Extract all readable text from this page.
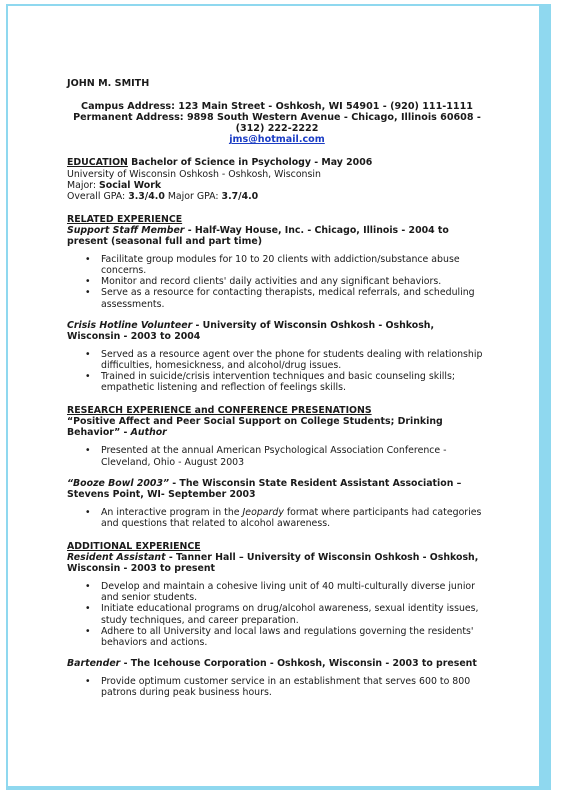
JOHN M. SMITH
Campus Address: 123 Main Street - Oshkosh, WI 54901 - (920) 111-1111
Permanent Address: 9898 South Western Avenue - Chicago, Illinois 60608 - (312) 222-2222
jms@hotmail.com
EDUCATION Bachelor of Science in Psychology - May 2006
University of Wisconsin Oshkosh - Oshkosh, Wisconsin
Major: Social Work
Overall GPA: 3.3/4.0 Major GPA: 3.7/4.0
RELATED EXPERIENCE
Support Staff Member - Half-Way House, Inc. - Chicago, Illinois - 2004 to present (seasonal full and part time)
• Facilitate group modules for 10 to 20 clients with addiction/substance abuse concerns.
• Monitor and record clients' daily activities and any significant behaviors.
• Serve as a resource for contacting therapists, medical referrals, and scheduling assessments.
Crisis Hotline Volunteer - University of Wisconsin Oshkosh - Oshkosh, Wisconsin - 2003 to 2004
• Served as a resource agent over the phone for students dealing with relationship difficulties, homesickness, and alcohol/drug issues.
• Trained in suicide/crisis intervention techniques and basic counseling skills; empathetic listening and reflection of feelings skills.
RESEARCH EXPERIENCE and CONFERENCE PRESENATIONS
“Positive Affect and Peer Social Support on College Students; Drinking Behavior” - Author
• Presented at the annual American Psychological Association Conference - Cleveland, Ohio - August 2003
“Booze Bowl 2003” - The Wisconsin State Resident Assistant Association – Stevens Point, WI- September 2003
• An interactive program in the Jeopardy format where participants had categories and questions that related to alcohol awareness.
ADDITIONAL EXPERIENCE
Resident Assistant - Tanner Hall – University of Wisconsin Oshkosh - Oshkosh, Wisconsin - 2003 to present
• Develop and maintain a cohesive living unit of 40 multi-culturally diverse junior and senior students.
• Initiate educational programs on drug/alcohol awareness, sexual identity issues, study techniques, and career preparation.
• Adhere to all University and local laws and regulations governing the residents' behaviors and actions.
Bartender - The Icehouse Corporation - Oshkosh, Wisconsin - 2003 to present
• Provide optimum customer service in an establishment that serves 600 to 800 patrons during peak business hours.
